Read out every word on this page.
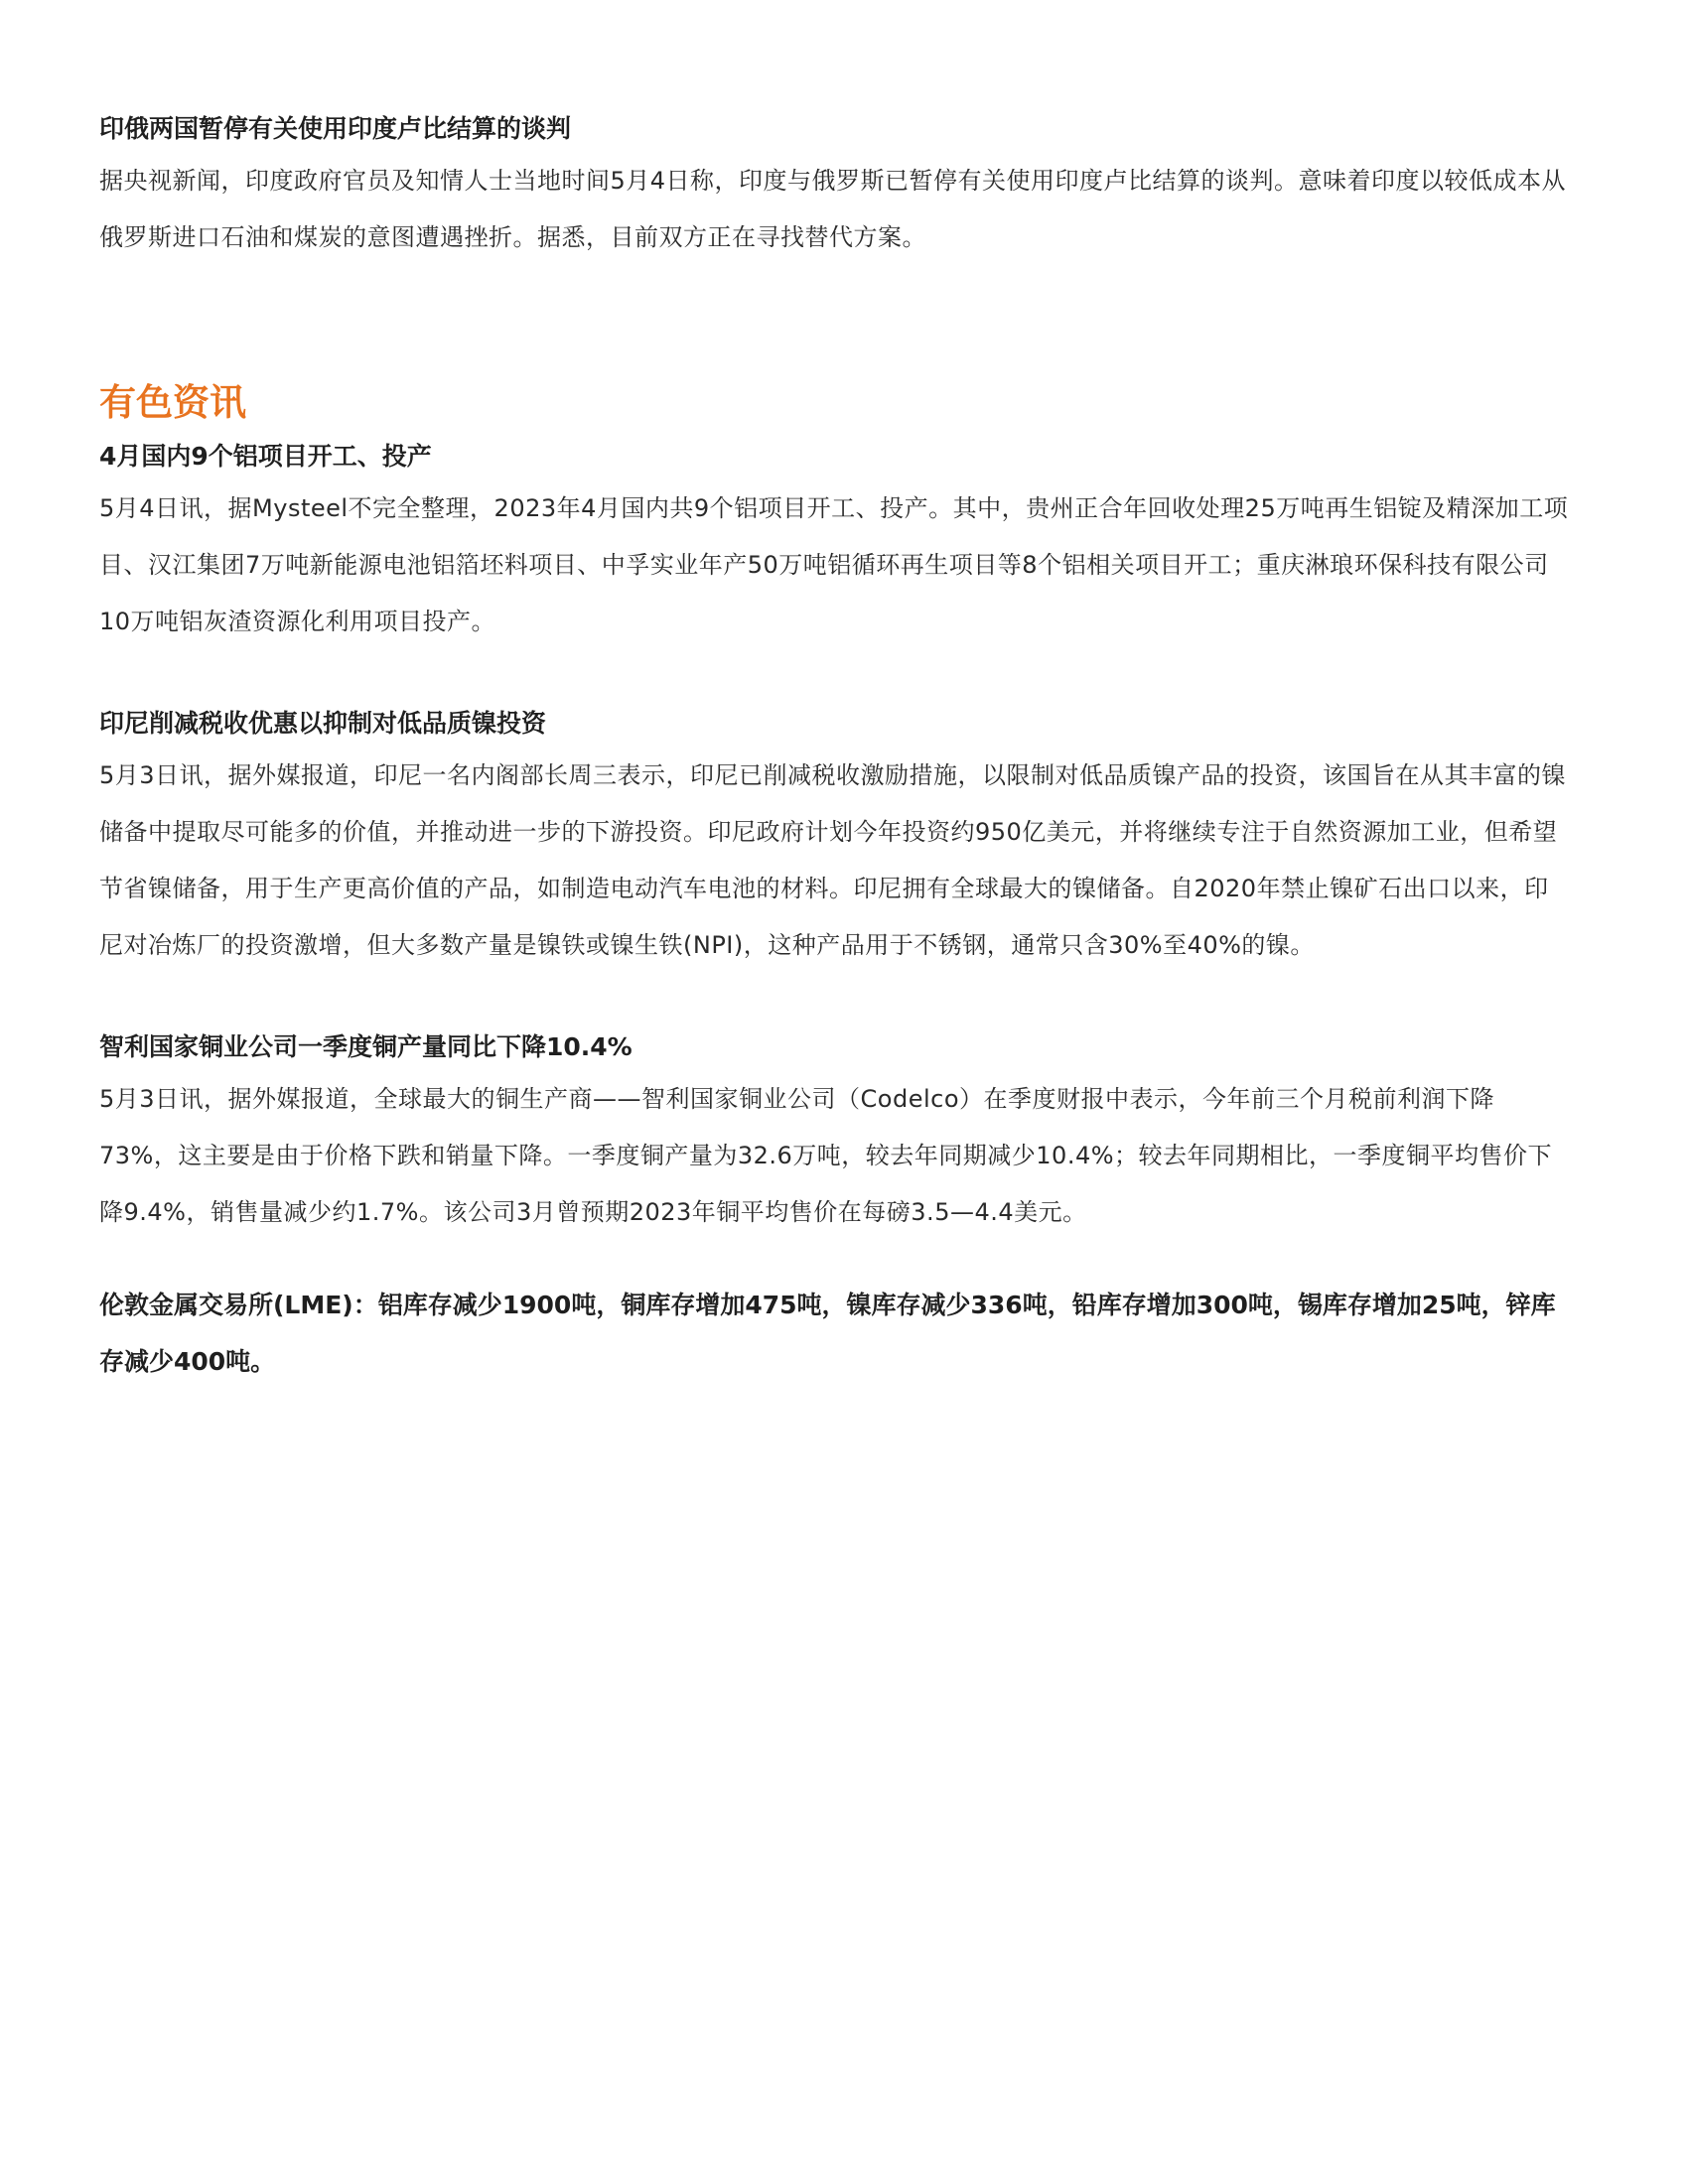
印俄两国暂停有关使用印度卢比结算的谈判

据央视新闻，印度政府官员及知情人士当地时间5月4日称，印度与俄罗斯已暂停有关使用印度卢比结算的谈判。意味着印度以较低成本从俄罗斯进口石油和煤炭的意图遭遇挫折。据悉，目前双方正在寻找替代方案。

有色资讯
4月国内9个铝项目开工、投产

5月4日讯，据Mysteel不完全整理，2023年4月国内共9个铝项目开工、投产。其中，贵州正合年回收处理25万吨再生铝锭及精深加工项目、汉江集团7万吨新能源电池铝箔坯料项目、中孚实业年产50万吨铝循环再生项目等8个铝相关项目开工；重庆淋琅环保科技有限公司10万吨铝灰渣资源化利用项目投产。

印尼削减税收优惠以抑制对低品质镍投资

5月3日讯，据外媒报道，印尼一名内阁部长周三表示，印尼已削减税收激励措施，以限制对低品质镍产品的投资，该国旨在从其丰富的镍储备中提取尽可能多的价值，并推动进一步的下游投资。印尼政府计划今年投资约950亿美元，并将继续专注于自然资源加工业，但希望节省镍储备，用于生产更高价值的产品，如制造电动汽车电池的材料。印尼拥有全球最大的镍储备。自2020年禁止镍矿石出口以来，印尼对冶炼厂的投资激增，但大多数产量是镍铁或镍生铁(NPI)，这种产品用于不锈钢，通常只含30%至40%的镍。

智利国家铜业公司一季度铜产量同比下降10.4%

5月3日讯，据外媒报道，全球最大的铜生产商——智利国家铜业公司（Codelco）在季度财报中表示，今年前三个月税前利润下降73%，这主要是由于价格下跌和销量下降。一季度铜产量为32.6万吨，较去年同期减少10.4%；较去年同期相比，一季度铜平均售价下降9.4%，销售量减少约1.7%。该公司3月曾预期2023年铜平均售价在每磅3.5—4.4美元。

伦敦金属交易所(LME)：铝库存减少1900吨，铜库存增加475吨，镍库存减少336吨，铅库存增加300吨，锡库存增加25吨，锌库存减少400吨。
